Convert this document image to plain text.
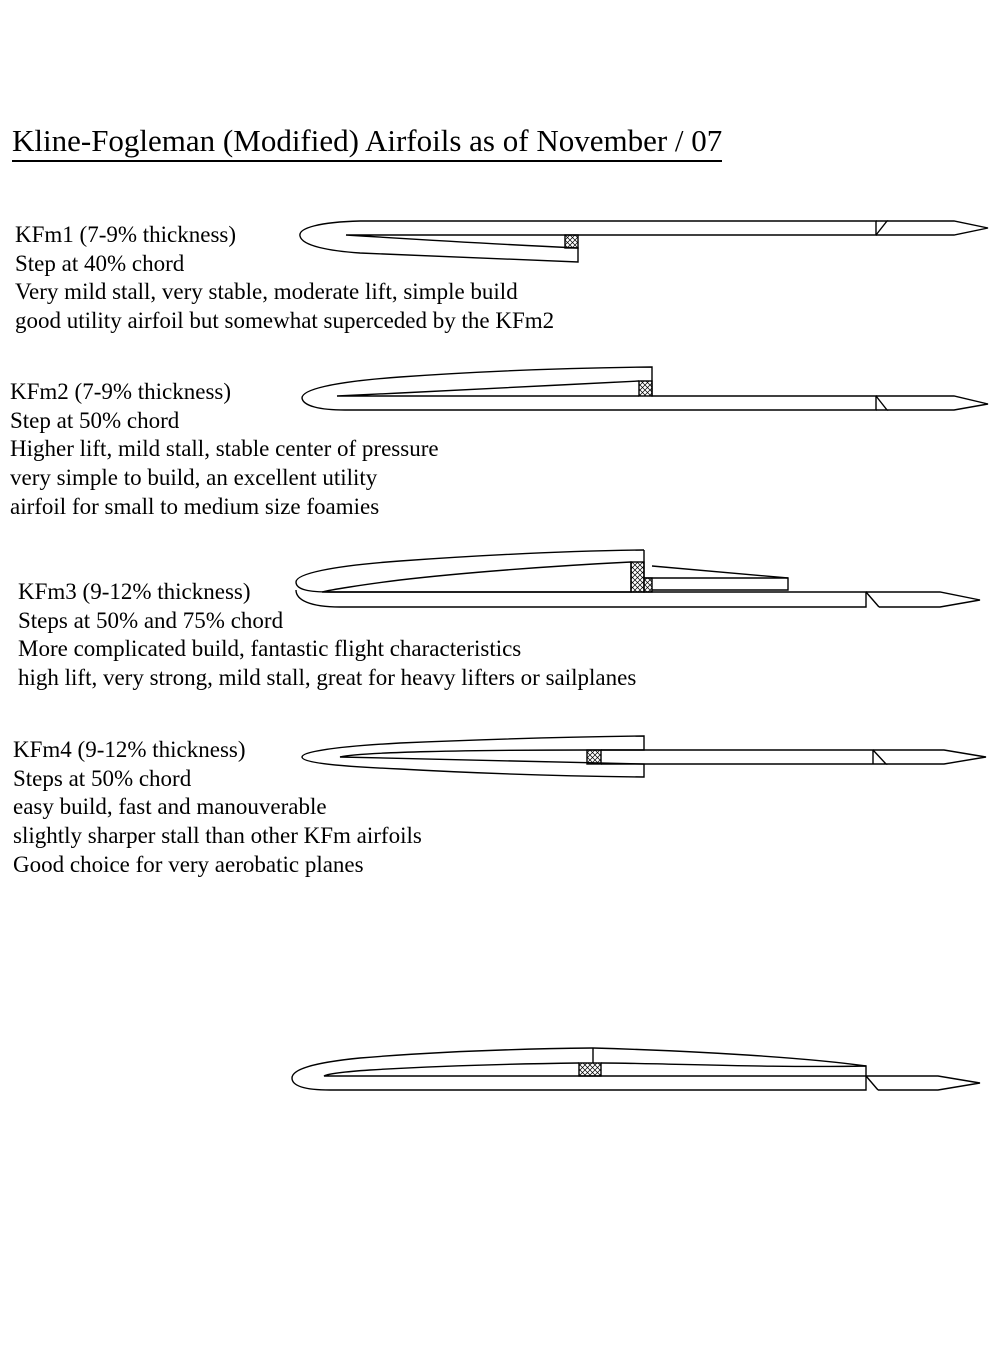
Kline-Fogleman (Modified) Airfoils as of November / 07
KFm1 (7-9% thickness)
Step at 40% chord
Very mild stall, very stable, moderate lift, simple build
good utility airfoil but somewhat superceded by the KFm2
KFm2 (7-9% thickness)
Step at 50% chord
Higher lift, mild stall, stable center of pressure
very simple to build, an excellent utility
airfoil for small to medium size foamies
KFm3 (9-12% thickness)
Steps at 50% and 75% chord
More complicated build, fantastic flight characteristics
high lift, very strong, mild stall, great for heavy lifters or sailplanes
KFm4 (9-12% thickness)
Steps at 50% chord
easy build, fast and manouverable
slightly sharper stall than other KFm airfoils
Good choice for very aerobatic planes
